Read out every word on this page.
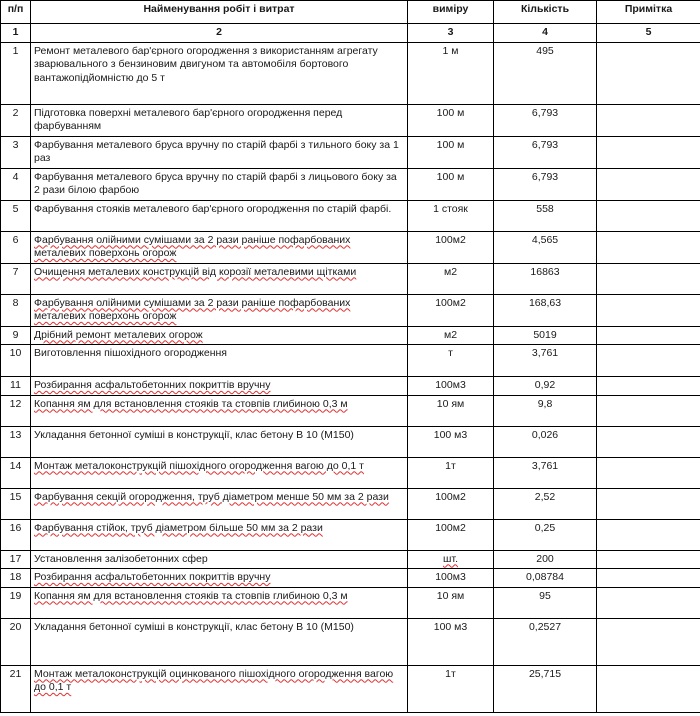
п/п	Найменування робіт і витрат	виміру	Кількість	Примітка
1	2	3	4	5
1	Ремонт металевого бар'єрного огородження з використанням агрегату зварювального з бензиновим двигуном та автомобіля бортового вантажопідйомністю до 5 т	1 м	495	
2	Підготовка поверхні металевого бар'єрного огородження перед фарбуванням	100 м	6,793	
3	Фарбування металевого бруса вручну по старій фарбі з тильного боку за 1 раз	100 м	6,793	
4	Фарбування металевого бруса вручну по старій фарбі з лицьового боку за 2 рази білою фарбою	100 м	6,793	
5	Фарбування стояків металевого бар'єрного огородження по старій фарбі.	1 стояк	558	
6	Фарбування олійними сумішами за 2 рази раніше пофарбованих металевих поверхонь огорож	100м2	4,565	
7	Очищення металевих конструкцій від корозії металевими щітками	м2	16863	
8	Фарбування олійними сумішами за 2 рази раніше пофарбованих металевих поверхонь огорож	100м2	168,63	
9	Дрібний ремонт металевих огорож	м2	5019	
10	Виготовлення пішохідного огородження	т	3,761	
11	Розбирання асфальтобетонних покриттів вручну	100м3	0,92	
12	Копання ям для встановлення стояків та стовпів глибиною 0,3 м	10 ям	9,8	
13	Укладання бетонної суміші в конструкції, клас бетону В 10 (М150)	100 м3	0,026	
14	Монтаж металоконструкцій пішохідного огородження вагою до 0,1 т	1т	3,761	
15	Фарбування секцій огородження, труб діаметром менше 50 мм за 2 рази	100м2	2,52	
16	Фарбування стійок, труб діаметром більше 50 мм за 2 рази	100м2	0,25	
17	Установлення залізобетонних сфер	шт.	200	
18	Розбирання асфальтобетонних покриттів вручну	100м3	0,08784	
19	Копання ям для встановлення стояків та стовпів глибиною 0,3 м	10 ям	95	
20	Укладання бетонної суміші в конструкції, клас бетону В 10 (М150)	100 м3	0,2527	
21	Монтаж металоконструкцій оцинкованого пішохідного огородження вагою до 0,1 т	1т	25,715	
